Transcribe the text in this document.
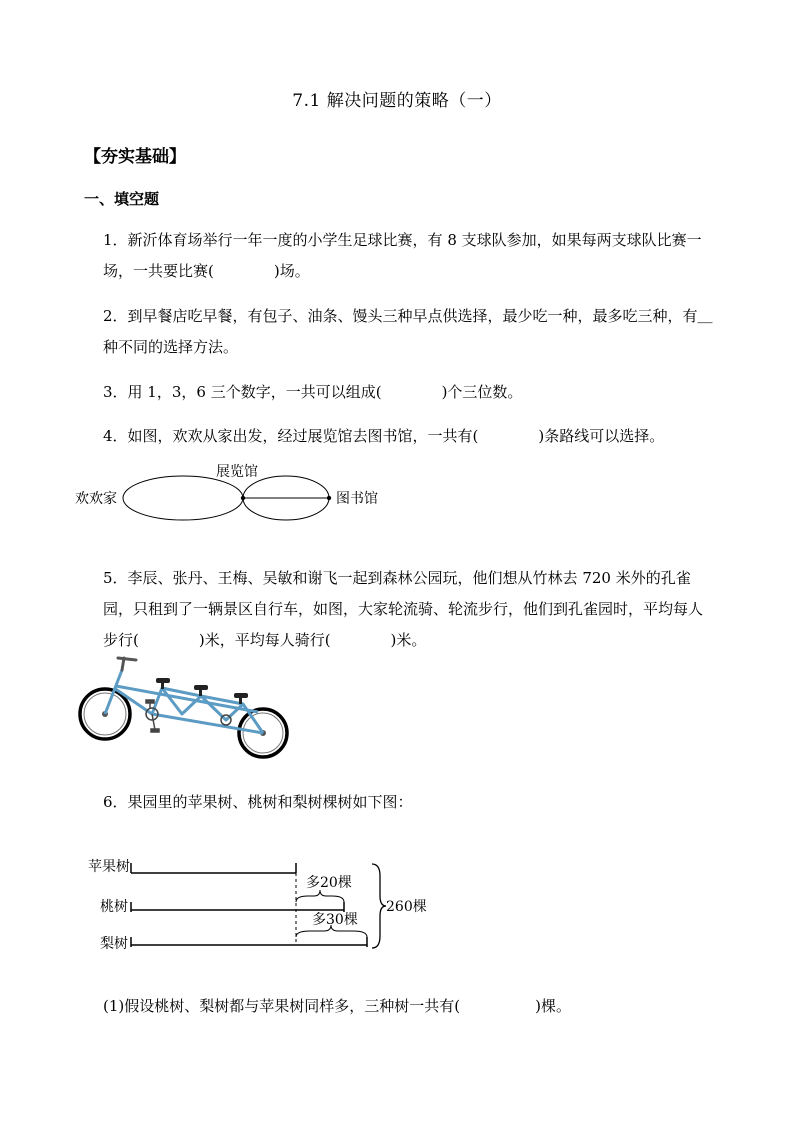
7.1 解决问题的策略（一）
【夯实基础】
一、填空题
1．新沂体育场举行一年一度的小学生足球比赛，有 8 支球队参加，如果每两支球队比赛一
场，一共要比赛(　　　　)场。
2．到早餐店吃早餐，有包子、油条、馒头三种早点供选择，最少吃一种，最多吃三种，有＿
种不同的选择方法。
3．用 1，3，6 三个数字，一共可以组成(　　　　)个三位数。
4．如图，欢欢从家出发，经过展览馆去图书馆，一共有(　　　　)条路线可以选择。
欢欢家
展览馆
图书馆
5．李辰、张丹、王梅、吴敏和谢飞一起到森林公园玩，他们想从竹林去 720 米外的孔雀
园，只租到了一辆景区自行车，如图，大家轮流骑、轮流步行，他们到孔雀园时，平均每人
步行(　　　　)米，平均每人骑行(　　　　)米。
6．果园里的苹果树、桃树和梨树棵树如下图：
苹果树
桃树
梨树
多20棵
多30棵
260棵
(1)假设桃树、梨树都与苹果树同样多，三种树一共有(　　　　　)棵。
